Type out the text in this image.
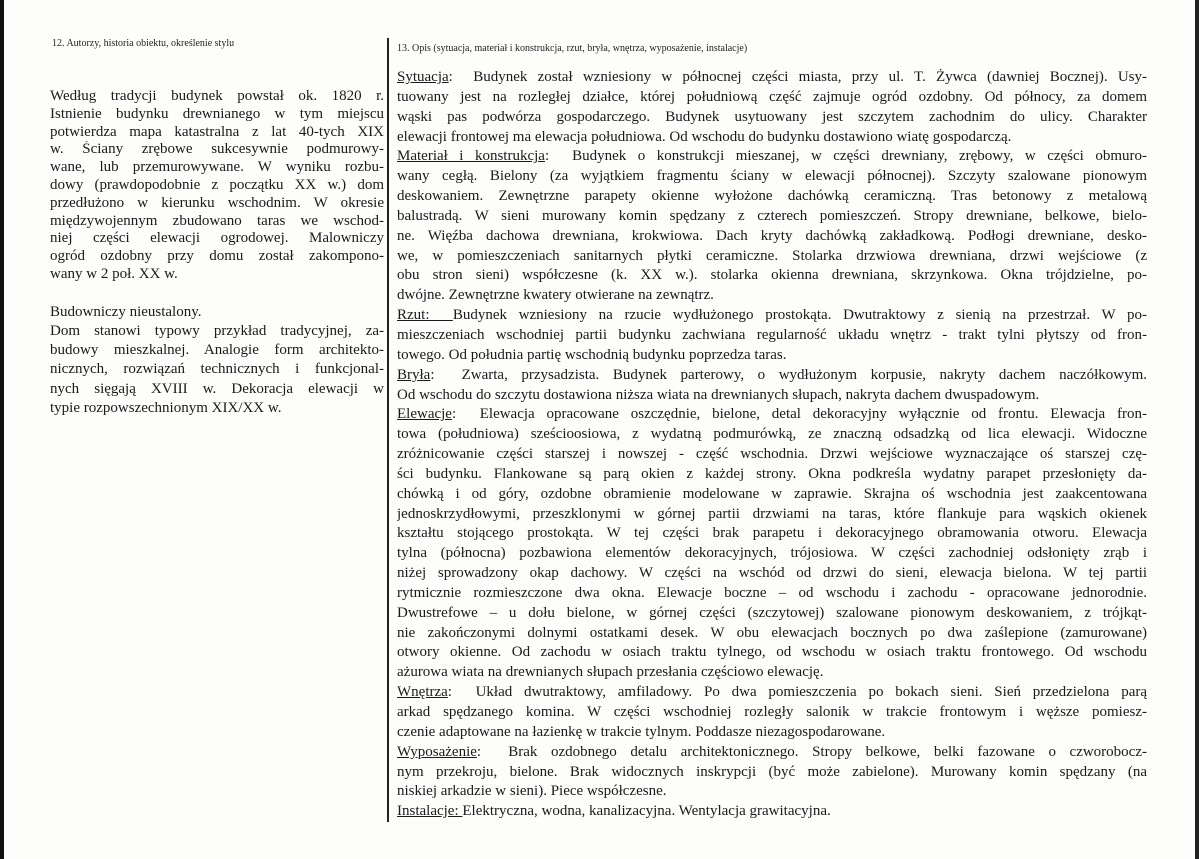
12. Autorzy, historia obiektu, określenie stylu	13. Opis (sytuacja, materiał i konstrukcja, rzut, bryła, wnętrza, wyposażenie, instalacje)
Według tradycji budynek powstał ok. 1820 r.
Istnienie budynku drewnianego w tym miejscu
potwierdza mapa katastralna z lat 40-tych XIX
w. Ściany zrębowe sukcesywnie podmurowy-
wane, lub przemurowywane. W wyniku rozbu-
dowy (prawdopodobnie z początku XX w.) dom
przedłużono w kierunku wschodnim. W okresie
międzywojennym zbudowano taras we wschod-
niej części elewacji ogrodowej. Malowniczy
ogród ozdobny przy domu został zakompono-
wany w 2 poł. XX w.
Budowniczy nieustalony.
Dom stanowi typowy przykład tradycyjnej, za-
budowy mieszkalnej. Analogie form architekto-
nicznych, rozwiązań technicznych i funkcjonal-
nych sięgają XVIII w. Dekoracja elewacji w
typie rozpowszechnionym XIX/XX w.
Sytuacja:  Budynek został wzniesiony w północnej części miasta, przy ul. T. Żywca (dawniej Bocznej). Usy-
tuowany jest na rozległej działce, której południową część zajmuje ogród ozdobny. Od północy, za domem
wąski pas podwórza gospodarczego. Budynek usytuowany jest szczytem zachodnim do ulicy. Charakter
elewacji frontowej ma elewacja południowa. Od wschodu do budynku dostawiono wiatę gospodarczą.
Materiał i konstrukcja:  Budynek o konstrukcji mieszanej, w części drewniany, zrębowy, w części obmuro-
wany cegłą. Bielony (za wyjątkiem fragmentu ściany w elewacji północnej). Szczyty szalowane pionowym
deskowaniem. Zewnętrzne parapety okienne wyłożone dachówką ceramiczną. Tras betonowy z metalową
balustradą. W sieni murowany komin spędzany z czterech pomieszczeń. Stropy drewniane, belkowe, bielo-
ne. Więźba dachowa drewniana, krokwiowa. Dach kryty dachówką zakładkową. Podłogi drewniane, desko-
we, w pomieszczeniach sanitarnych płytki ceramiczne. Stolarka drzwiowa drewniana, drzwi wejściowe (z
obu stron sieni) współczesne (k. XX w.). stolarka okienna drewniana, skrzynkowa. Okna trójdzielne, po-
dwójne. Zewnętrzne kwatery otwierane na zewnątrz.
Rzut:  Budynek wzniesiony na rzucie wydłużonego prostokąta. Dwutraktowy z sienią na przestrzał. W po-
mieszczeniach wschodniej partii budynku zachwiana regularność układu wnętrz - trakt tylni płytszy od fron-
towego. Od południa partię wschodnią budynku poprzedza taras.
Bryła:  Zwarta, przysadzista. Budynek parterowy, o wydłużonym korpusie, nakryty dachem naczółkowym.
Od wschodu do szczytu dostawiona niższa wiata na drewnianych słupach, nakryta dachem dwuspadowym.
Elewacje:  Elewacja opracowane oszczędnie, bielone, detal dekoracyjny wyłącznie od frontu. Elewacja fron-
towa (południowa) sześcioosiowa, z wydatną podmurówką, ze znaczną odsadzką od lica elewacji. Widoczne
zróżnicowanie części starszej i nowszej - część wschodnia. Drzwi wejściowe wyznaczające oś starszej czę-
ści budynku. Flankowane są parą okien z każdej strony. Okna podkreśla wydatny parapet przesłonięty da-
chówką i od góry, ozdobne obramienie modelowane w zaprawie. Skrajna oś wschodnia jest zaakcentowana
jednoskrzydłowymi, przeszklonymi w górnej partii drzwiami na taras, które flankuje para wąskich okienek
kształtu stojącego prostokąta. W tej części brak parapetu i dekoracyjnego obramowania otworu. Elewacja
tylna (północna) pozbawiona elementów dekoracyjnych, trójosiowa. W części zachodniej odsłonięty zrąb i
niżej sprowadzony okap dachowy. W części na wschód od drzwi do sieni, elewacja bielona. W tej partii
rytmicznie rozmieszczone dwa okna. Elewacje boczne – od wschodu i zachodu - opracowane jednorodnie.
Dwustrefowe – u dołu bielone, w górnej części (szczytowej) szalowane pionowym deskowaniem, z trójkąt-
nie zakończonymi dolnymi ostatkami desek. W obu elewacjach bocznych po dwa zaślepione (zamurowane)
otwory okienne. Od zachodu w osiach traktu tylnego, od wschodu w osiach traktu frontowego. Od wschodu
ażurowa wiata na drewnianych słupach przesłania częściowo elewację.
Wnętrza:  Układ dwutraktowy, amfiladowy. Po dwa pomieszczenia po bokach sieni. Sień przedzielona parą
arkad spędzanego komina. W części wschodniej rozległy salonik w trakcie frontowym i węższe pomiesz-
czenie adaptowane na łazienkę w trakcie tylnym. Poddasze niezagospodarowane.
Wyposażenie:  Brak ozdobnego detalu architektonicznego. Stropy belkowe, belki fazowane o czworobocz-
nym przekroju, bielone. Brak widocznych inskrypcji (być może zabielone). Murowany komin spędzany (na
niskiej arkadzie w sieni). Piece współczesne.
Instalacje: Elektryczna, wodna, kanalizacyjna. Wentylacja grawitacyjna.
